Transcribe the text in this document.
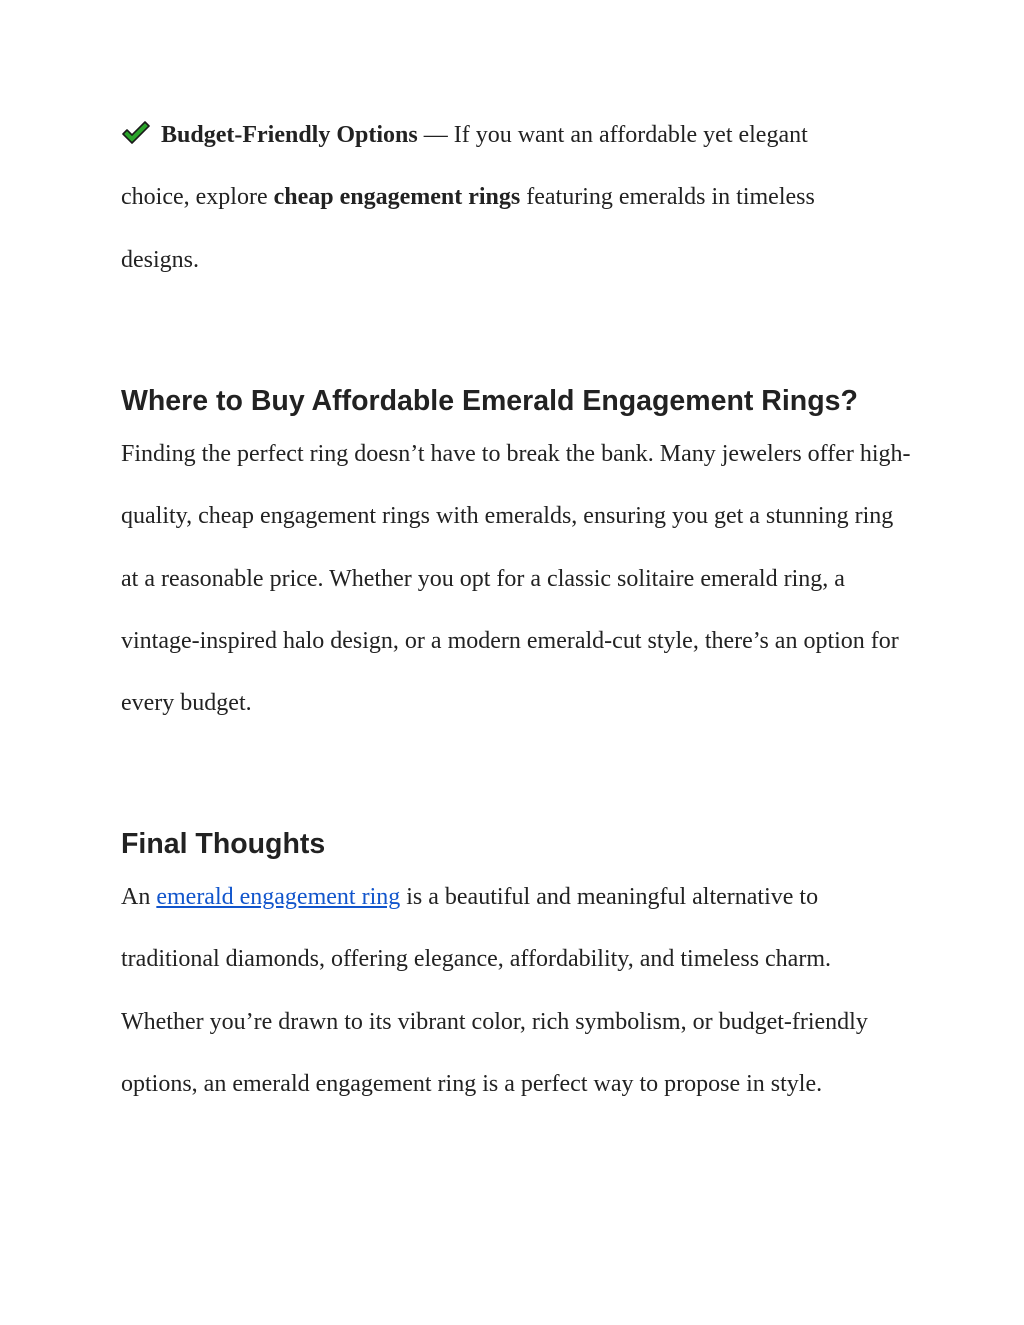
Budget-Friendly Options — If you want an affordable yet elegant choice, explore cheap engagement rings featuring emeralds in timeless designs.

Where to Buy Affordable Emerald Engagement Rings?

Finding the perfect ring doesn’t have to break the bank. Many jewelers offer high-quality, cheap engagement rings with emeralds, ensuring you get a stunning ring at a reasonable price. Whether you opt for a classic solitaire emerald ring, a vintage-inspired halo design, or a modern emerald-cut style, there’s an option for every budget.

Final Thoughts

An emerald engagement ring is a beautiful and meaningful alternative to traditional diamonds, offering elegance, affordability, and timeless charm. Whether you’re drawn to its vibrant color, rich symbolism, or budget-friendly options, an emerald engagement ring is a perfect way to propose in style.
